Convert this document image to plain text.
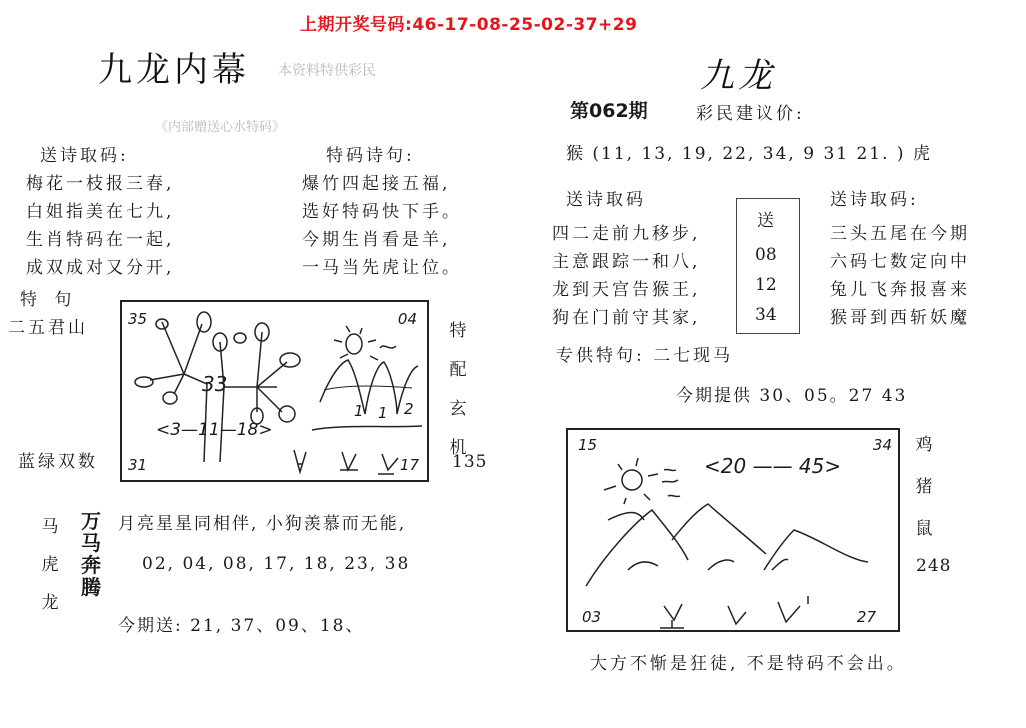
上期开奖号码:46-17-08-25-02-37+29
九龙内幕 本资料特供彩民
《内部赠送心水特码》
送诗取码:
梅花一枝报三春,
白姐指美在七九,
生肖特码在一起,
成双成对又分开,
特码诗句:
爆竹四起接五福,
选好特码快下手。
今期生肖看是羊,
一马当先虎让位。
特 句
二五君山
蓝绿双数
35	04
31	17
33
<3—11—18>
1 1 2
特
配
玄
机
135
马
虎
龙
万
马
奔
腾
月亮星星同相伴, 小狗羡慕而无能,
02, 04, 08, 17, 18, 23, 38
今期送: 21, 37、09、18、
九龙
第062期	彩民建议价:
猴 (11, 13, 19, 22, 34, 9 31 21. ) 虎
送诗取码
四二走前九移步,
主意跟踪一和八,
龙到天宫告猴王,
狗在门前守其家,
送
08
12
34
送诗取码:
三头五尾在今期
六码七数定向中
兔儿飞奔报喜来
猴哥到西斩妖魔
专供特句: 二七现马
今期提供 30、05。27 43
15	34
03	27
<20 —— 45>
鸡
猪
鼠
248
大方不惭是狂徒, 不是特码不会出。
